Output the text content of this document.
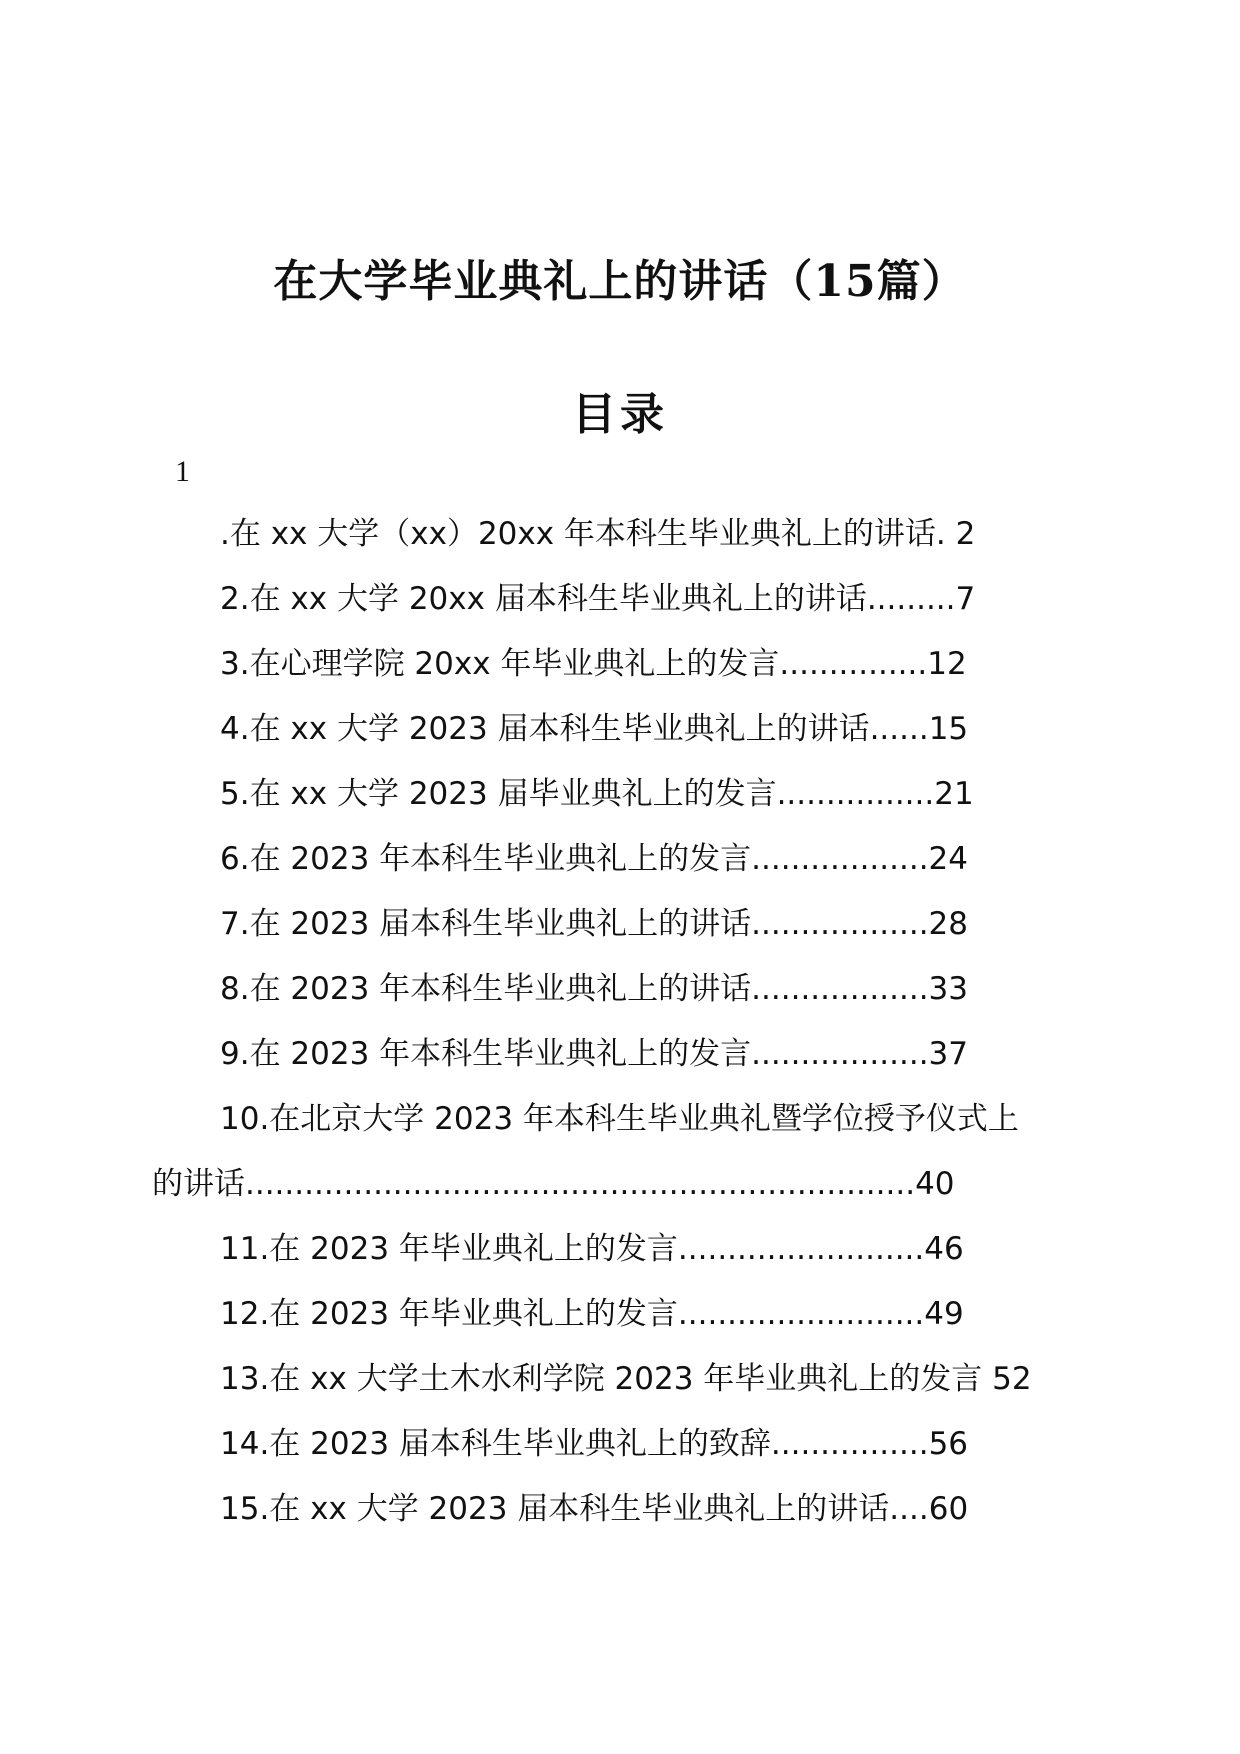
在大学毕业典礼上的讲话（15篇）
目录
1
.在 xx 大学（xx）20xx 年本科生毕业典礼上的讲话. 2
2.在 xx 大学 20xx 届本科生毕业典礼上的讲话.........7
3.在心理学院 20xx 年毕业典礼上的发言...............12
4.在 xx 大学 2023 届本科生毕业典礼上的讲话......15
5.在 xx 大学 2023 届毕业典礼上的发言................21
6.在 2023 年本科生毕业典礼上的发言..................24
7.在 2023 届本科生毕业典礼上的讲话..................28
8.在 2023 年本科生毕业典礼上的讲话..................33
9.在 2023 年本科生毕业典礼上的发言..................37
10.在北京大学 2023 年本科生毕业典礼暨学位授予仪式上
的讲话....................................................................40
11.在 2023 年毕业典礼上的发言.........................46
12.在 2023 年毕业典礼上的发言.........................49
13.在 xx 大学土木水利学院 2023 年毕业典礼上的发言 52
14.在 2023 届本科生毕业典礼上的致辞................56
15.在 xx 大学 2023 届本科生毕业典礼上的讲话....60
